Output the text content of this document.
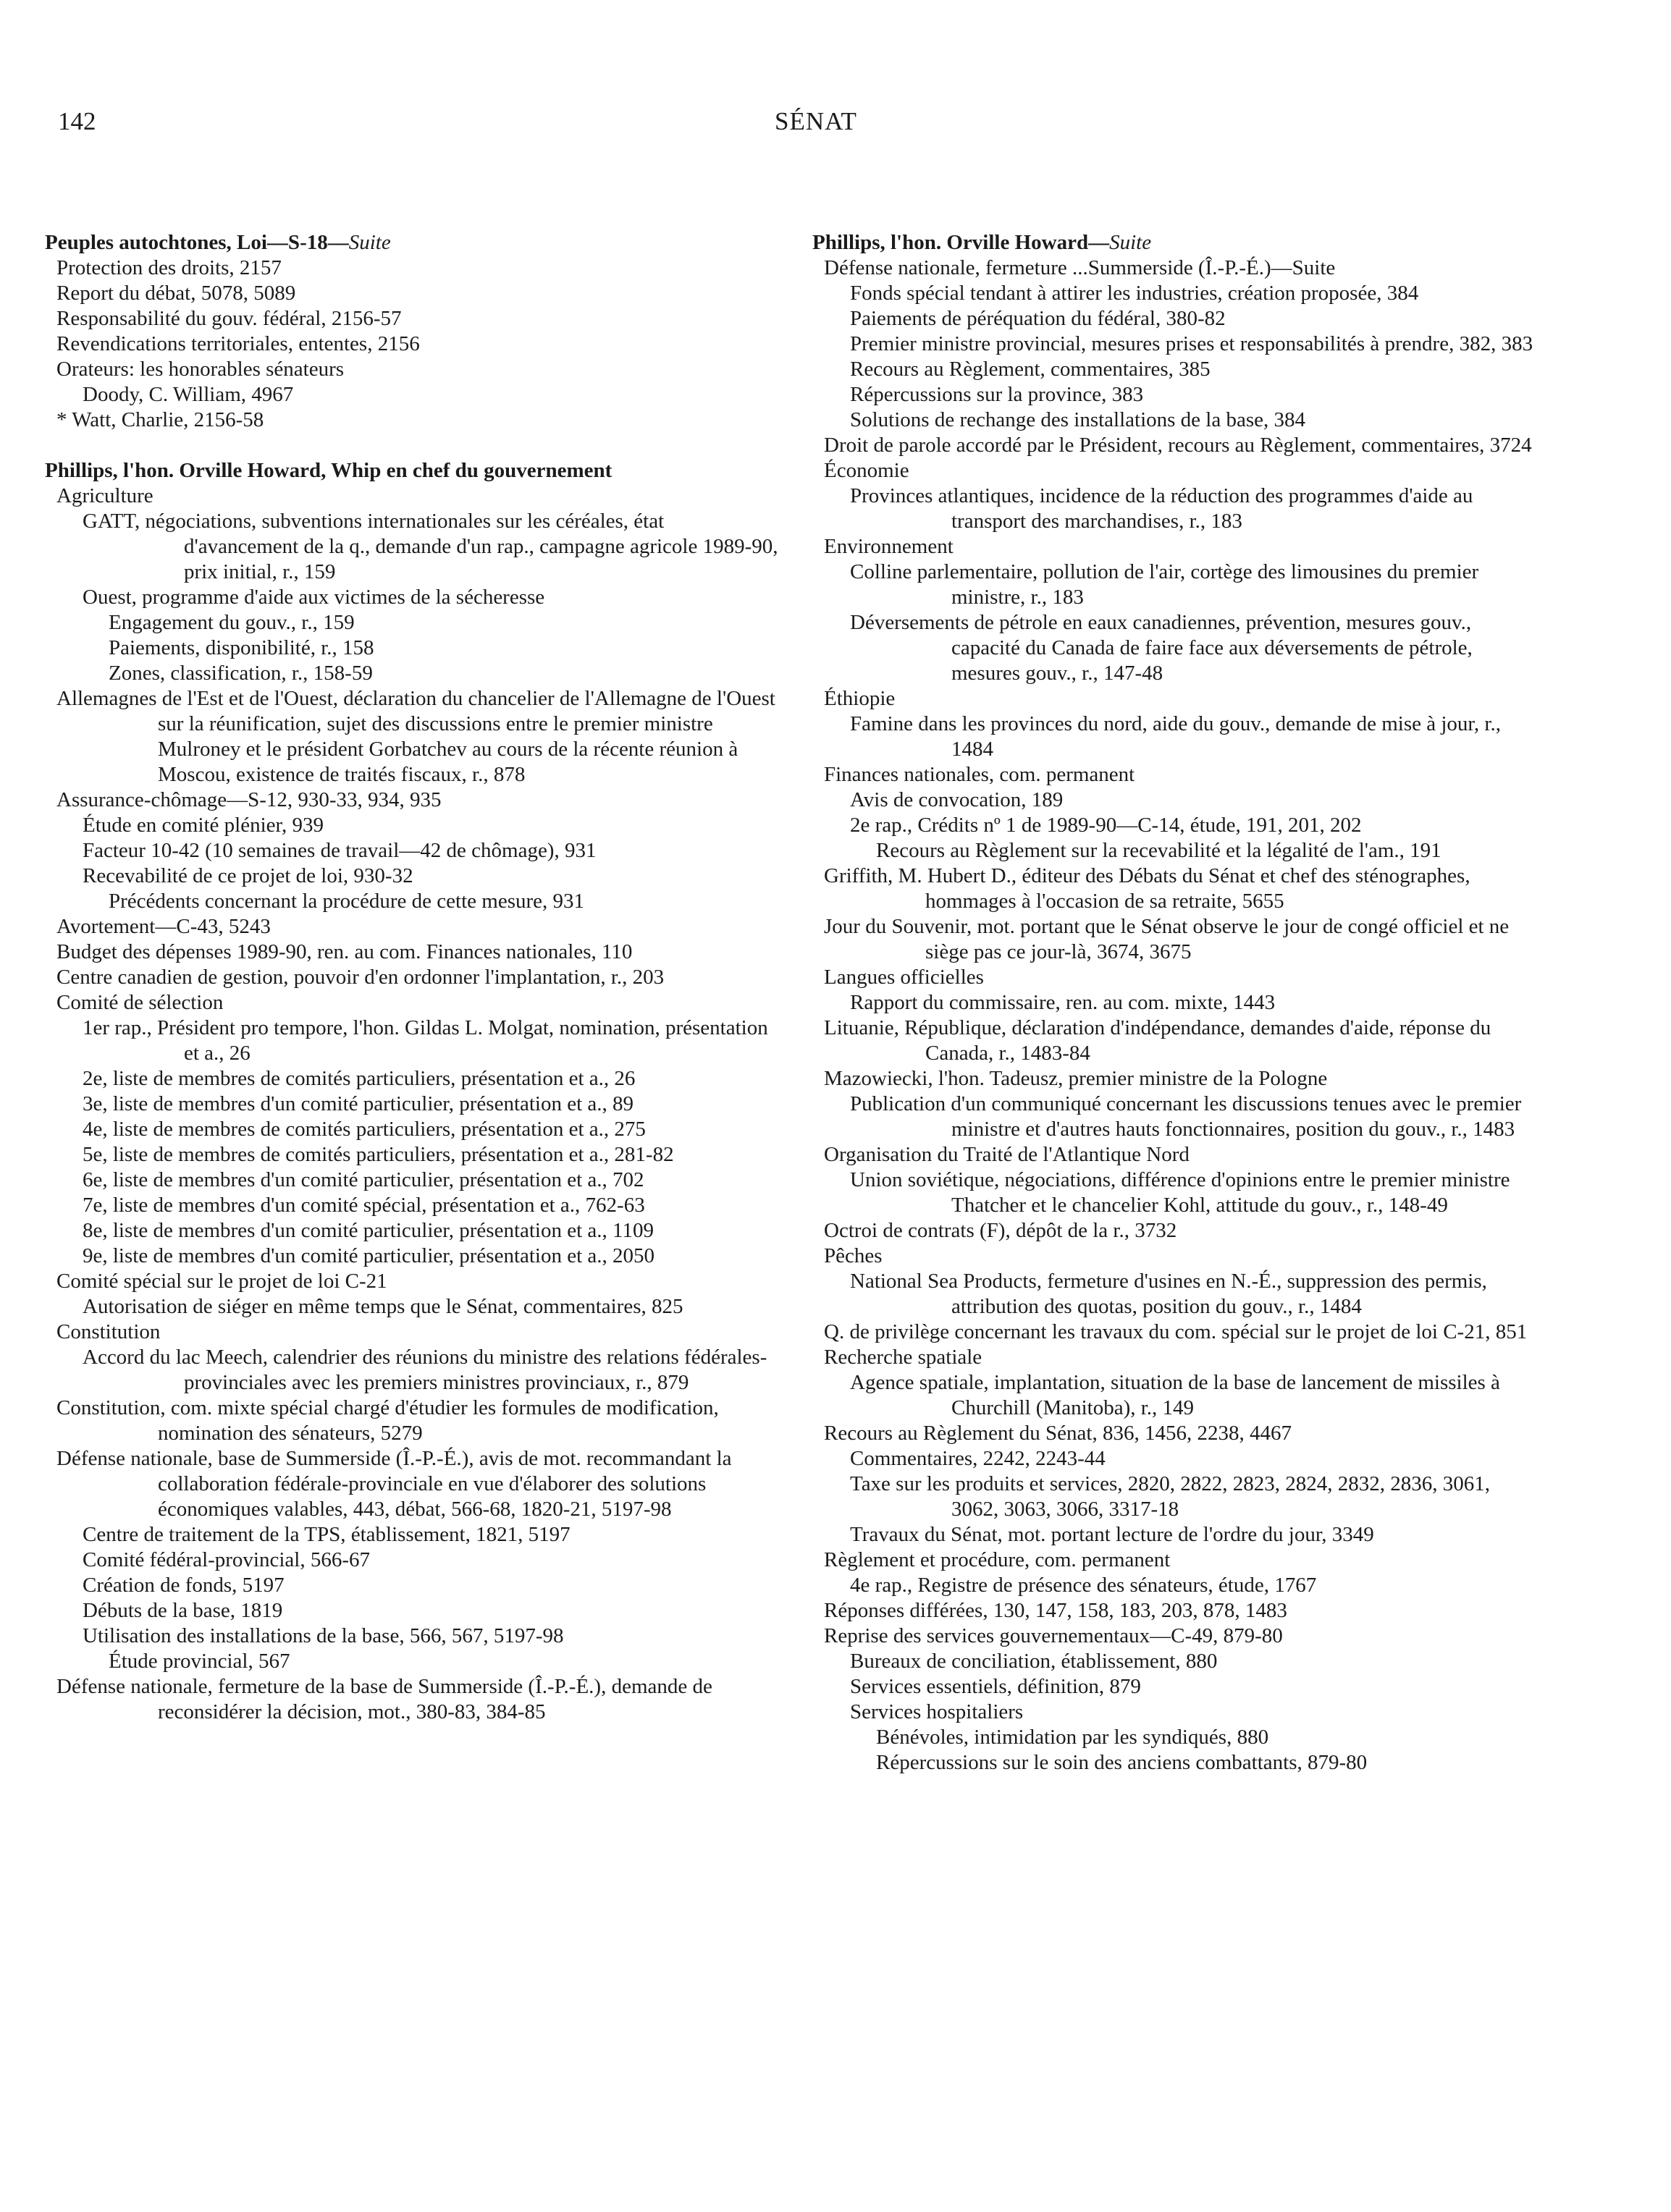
142	SÉNAT
Peuples autochtones, Loi—S-18—Suite
Protection des droits, 2157
Report du débat, 5078, 5089
Responsabilité du gouv. fédéral, 2156-57
Revendications territoriales, ententes, 2156
Orateurs: les honorables sénateurs
Doody, C. William, 4967
* Watt, Charlie, 2156-58
Phillips, l'hon. Orville Howard, Whip en chef du gouvernement
Agriculture
GATT, négociations, subventions internationales sur les céréales, état d'avancement de la q., demande d'un rap., campagne agricole 1989-90, prix initial, r., 159
Ouest, programme d'aide aux victimes de la sécheresse
Engagement du gouv., r., 159
Paiements, disponibilité, r., 158
Zones, classification, r., 158-59
Allemagnes de l'Est et de l'Ouest, déclaration du chancelier de l'Allemagne de l'Ouest sur la réunification, sujet des discussions entre le premier ministre Mulroney et le président Gorbatchev au cours de la récente réunion à Moscou, existence de traités fiscaux, r., 878
Assurance-chômage—S-12, 930-33, 934, 935
Étude en comité plénier, 939
Facteur 10-42 (10 semaines de travail—42 de chômage), 931
Recevabilité de ce projet de loi, 930-32
Précédents concernant la procédure de cette mesure, 931
Avortement—C-43, 5243
Budget des dépenses 1989-90, ren. au com. Finances nationales, 110
Centre canadien de gestion, pouvoir d'en ordonner l'implantation, r., 203
Comité de sélection
1er rap., Président pro tempore, l'hon. Gildas L. Molgat, nomination, présentation et a., 26
2e, liste de membres de comités particuliers, présentation et a., 26
3e, liste de membres d'un comité particulier, présentation et a., 89
4e, liste de membres de comités particuliers, présentation et a., 275
5e, liste de membres de comités particuliers, présentation et a., 281-82
6e, liste de membres d'un comité particulier, présentation et a., 702
7e, liste de membres d'un comité spécial, présentation et a., 762-63
8e, liste de membres d'un comité particulier, présentation et a., 1109
9e, liste de membres d'un comité particulier, présentation et a., 2050
Comité spécial sur le projet de loi C-21
Autorisation de siéger en même temps que le Sénat, commentaires, 825
Constitution
Accord du lac Meech, calendrier des réunions du ministre des relations fédérales-provinciales avec les premiers ministres provinciaux, r., 879
Constitution, com. mixte spécial chargé d'étudier les formules de modification, nomination des sénateurs, 5279
Défense nationale, base de Summerside (Î.-P.-É.), avis de mot. recommandant la collaboration fédérale-provinciale en vue d'élaborer des solutions économiques valables, 443, débat, 566-68, 1820-21, 5197-98
Centre de traitement de la TPS, établissement, 1821, 5197
Comité fédéral-provincial, 566-67
Création de fonds, 5197
Débuts de la base, 1819
Utilisation des installations de la base, 566, 567, 5197-98
Étude provincial, 567
Défense nationale, fermeture de la base de Summerside (Î.-P.-É.), demande de reconsidérer la décision, mot., 380-83, 384-85
Phillips, l'hon. Orville Howard—Suite
Défense nationale, fermeture ...Summerside (Î.-P.-É.)—Suite
Fonds spécial tendant à attirer les industries, création proposée, 384
Paiements de péréquation du fédéral, 380-82
Premier ministre provincial, mesures prises et responsabilités à prendre, 382, 383
Recours au Règlement, commentaires, 385
Répercussions sur la province, 383
Solutions de rechange des installations de la base, 384
Droit de parole accordé par le Président, recours au Règlement, commentaires, 3724
Économie
Provinces atlantiques, incidence de la réduction des programmes d'aide au transport des marchandises, r., 183
Environnement
Colline parlementaire, pollution de l'air, cortège des limousines du premier ministre, r., 183
Déversements de pétrole en eaux canadiennes, prévention, mesures gouv., capacité du Canada de faire face aux déversements de pétrole, mesures gouv., r., 147-48
Éthiopie
Famine dans les provinces du nord, aide du gouv., demande de mise à jour, r., 1484
Finances nationales, com. permanent
Avis de convocation, 189
2e rap., Crédits nº 1 de 1989-90—C-14, étude, 191, 201, 202
Recours au Règlement sur la recevabilité et la légalité de l'am., 191
Griffith, M. Hubert D., éditeur des Débats du Sénat et chef des sténographes, hommages à l'occasion de sa retraite, 5655
Jour du Souvenir, mot. portant que le Sénat observe le jour de congé officiel et ne siège pas ce jour-là, 3674, 3675
Langues officielles
Rapport du commissaire, ren. au com. mixte, 1443
Lituanie, République, déclaration d'indépendance, demandes d'aide, réponse du Canada, r., 1483-84
Mazowiecki, l'hon. Tadeusz, premier ministre de la Pologne
Publication d'un communiqué concernant les discussions tenues avec le premier ministre et d'autres hauts fonctionnaires, position du gouv., r., 1483
Organisation du Traité de l'Atlantique Nord
Union soviétique, négociations, différence d'opinions entre le premier ministre Thatcher et le chancelier Kohl, attitude du gouv., r., 148-49
Octroi de contrats (F), dépôt de la r., 3732
Pêches
National Sea Products, fermeture d'usines en N.-É., suppression des permis, attribution des quotas, position du gouv., r., 1484
Q. de privilège concernant les travaux du com. spécial sur le projet de loi C-21, 851
Recherche spatiale
Agence spatiale, implantation, situation de la base de lancement de missiles à Churchill (Manitoba), r., 149
Recours au Règlement du Sénat, 836, 1456, 2238, 4467
Commentaires, 2242, 2243-44
Taxe sur les produits et services, 2820, 2822, 2823, 2824, 2832, 2836, 3061, 3062, 3063, 3066, 3317-18
Travaux du Sénat, mot. portant lecture de l'ordre du jour, 3349
Règlement et procédure, com. permanent
4e rap., Registre de présence des sénateurs, étude, 1767
Réponses différées, 130, 147, 158, 183, 203, 878, 1483
Reprise des services gouvernementaux—C-49, 879-80
Bureaux de conciliation, établissement, 880
Services essentiels, définition, 879
Services hospitaliers
Bénévoles, intimidation par les syndiqués, 880
Répercussions sur le soin des anciens combattants, 879-80
